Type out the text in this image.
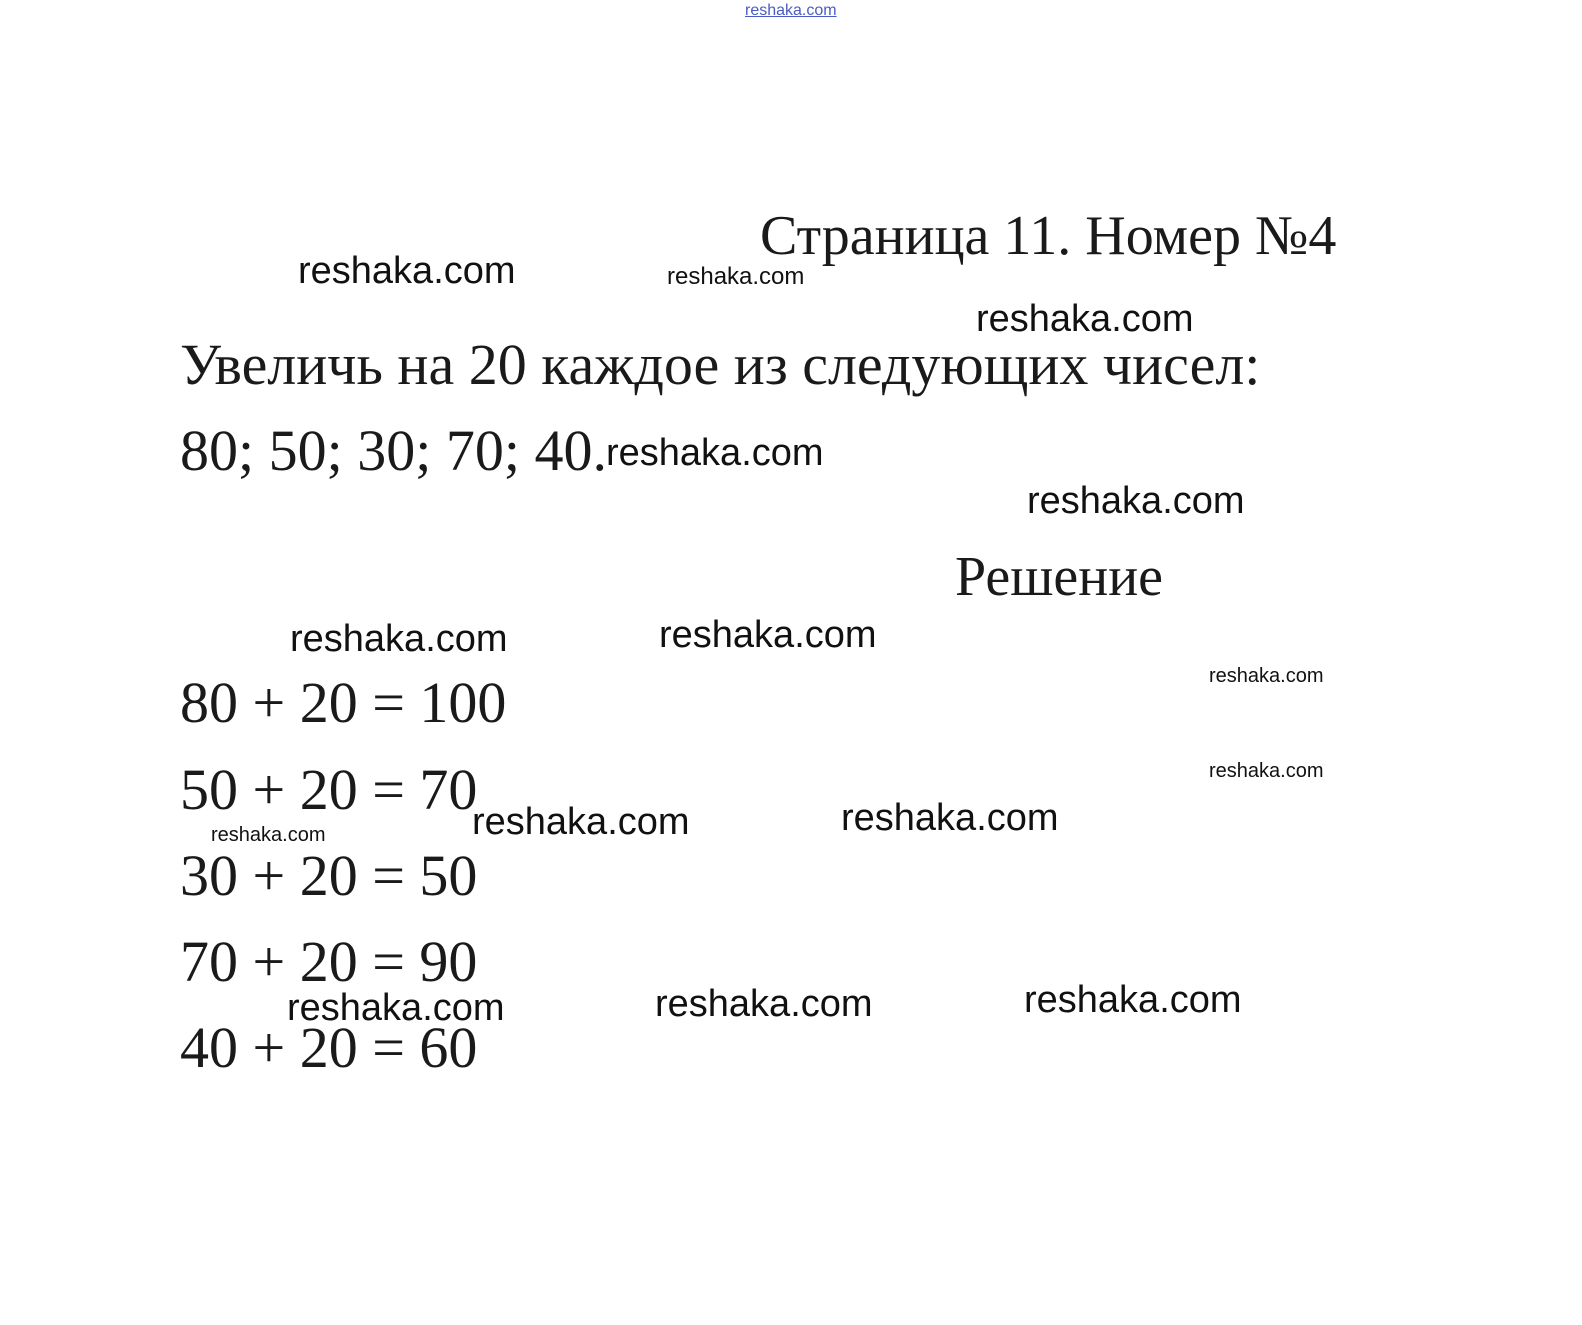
reshaka.com
Страница 11. Номер №4
Увеличь на 20 каждое из следующих чисел:
80; 50; 30; 70; 40.
Решение
80 + 20 = 100
50 + 20 = 70
30 + 20 = 50
70 + 20 = 90
40 + 20 = 60
reshaka.com	reshaka.com
reshaka.com
reshaka.com
reshaka.com
reshaka.com	reshaka.com
reshaka.com
reshaka.com
reshaka.com	reshaka.com	reshaka.com
reshaka.com	reshaka.com	reshaka.com
